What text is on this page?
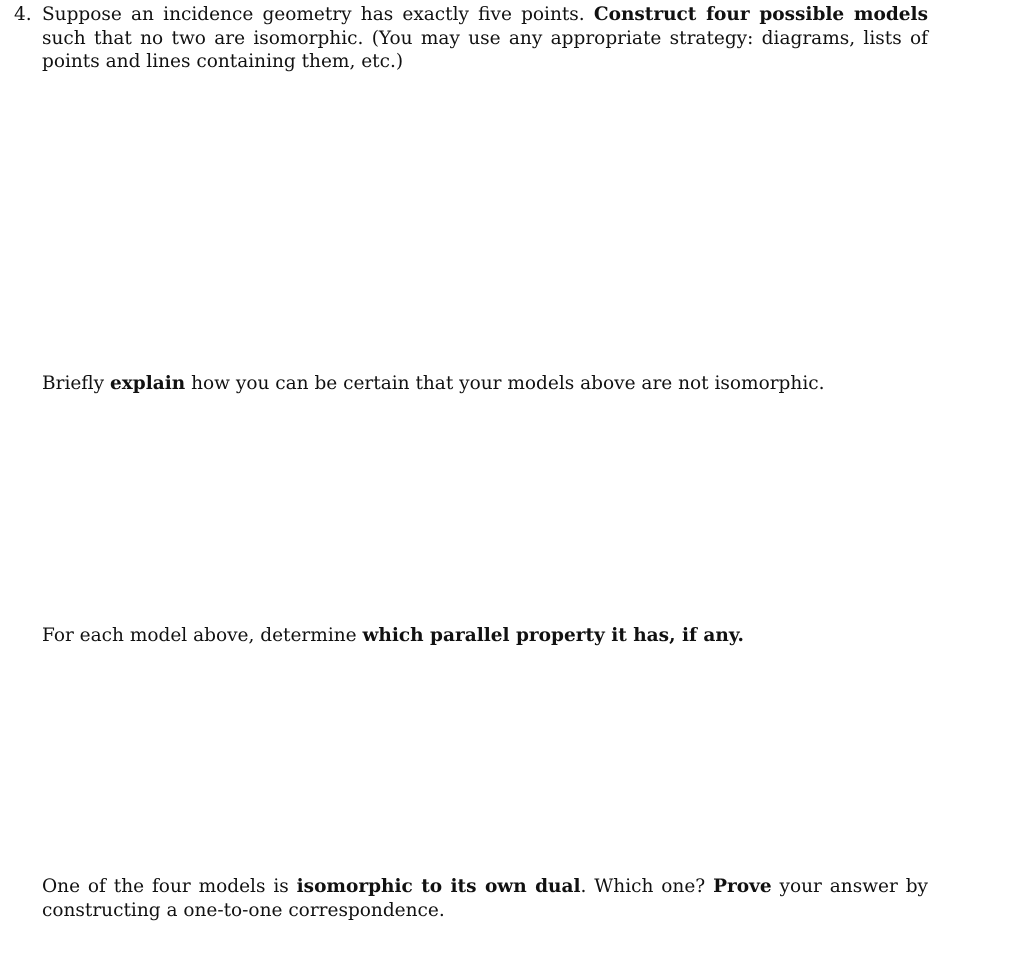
4. Suppose an incidence geometry has exactly five points. Construct four possible models such that no two are isomorphic. (You may use any appropriate strategy: diagrams, lists of points and lines containing them, etc.)
Briefly explain how you can be certain that your models above are not isomorphic.
For each model above, determine which parallel property it has, if any.
One of the four models is isomorphic to its own dual. Which one? Prove your answer by constructing a one-to-one correspondence.
